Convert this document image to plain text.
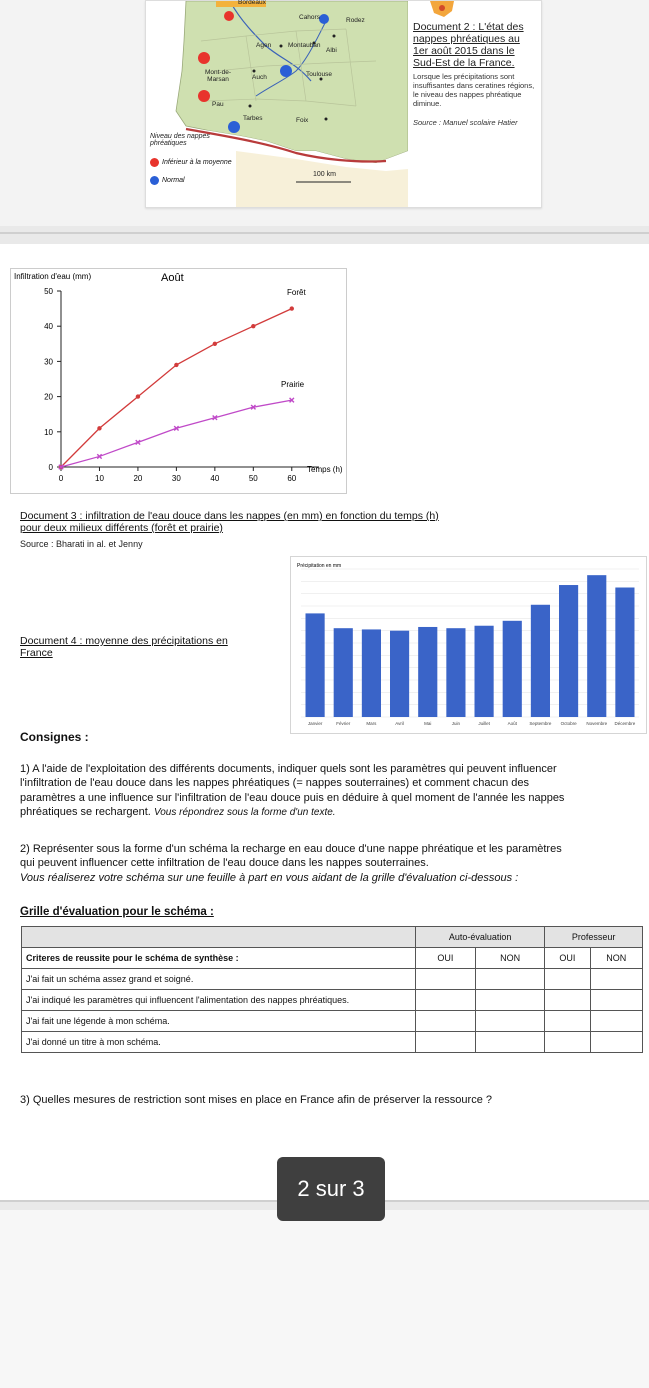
Bordeaux
Cahors	Rodez
Agen	Montauban
Albi
Mont-de-Marsan	Auch	Toulouse
Pau
Tarbes	Foix
Niveau des nappes phréatiques
Inférieur à la moyenne
Normal
100 km
Document 2 : L'état des
nappes phréatiques au
1er août 2015 dans le
Sud-Est de la France.
Lorsque les précipitations sont insuffisantes dans ceratines régions, le niveau des nappes phréatique diminue.
Source : Manuel scolaire Hatier
Infiltration d'eau (mm)	Août
0
10
20
30
40
50
0	10	20	30	40	50	60
Temps (h)
Forêt
Prairie
Document 3 : infiltration de l'eau douce dans les nappes (en mm) en fonction du temps (h)
pour deux milieux différents (forêt et prairie)
Source : Bharati in al. et Jenny
Document 4 : moyenne des précipitations en France
Précipitation en mm
Janvier	Février	Mars	Avril	Mai	Juin	Juillet	Août	Septembre Octobre Novembre Décembre
Consignes :
1) A l'aide de l'exploitation des différents documents, indiquer quels sont les paramètres qui peuvent influencer
l'infiltration de l'eau douce dans les nappes phréatiques (= nappes souterraines) et comment chacun des
paramètres a une influence sur l'infiltration de l'eau douce puis en déduire à quel moment de l'année les nappes
phréatiques se rechargent. Vous répondrez sous la forme d'un texte.
2) Représenter sous la forme d'un schéma la recharge en eau douce d'une nappe phréatique et les paramètres
qui peuvent influencer cette infiltration de l'eau douce dans les nappes souterraines.
Vous réaliserez votre schéma sur une feuille à part en vous aidant de la grille d'évaluation ci-dessous :
Grille d'évaluation pour le schéma :
	Auto-évaluation		Professeur	
Criteres de reussite pour le schéma de synthèse :	OUI	NON	OUI	NON
J'ai fait un schéma assez grand et soigné.				
J'ai indiqué les paramètres qui influencent l'alimentation des nappes phréatiques.				
J'ai fait une légende à mon schéma.				
J'ai donné un titre à mon schéma.				
3) Quelles mesures de restriction sont mises en place en France afin de préserver la ressource ?
2 sur 3
